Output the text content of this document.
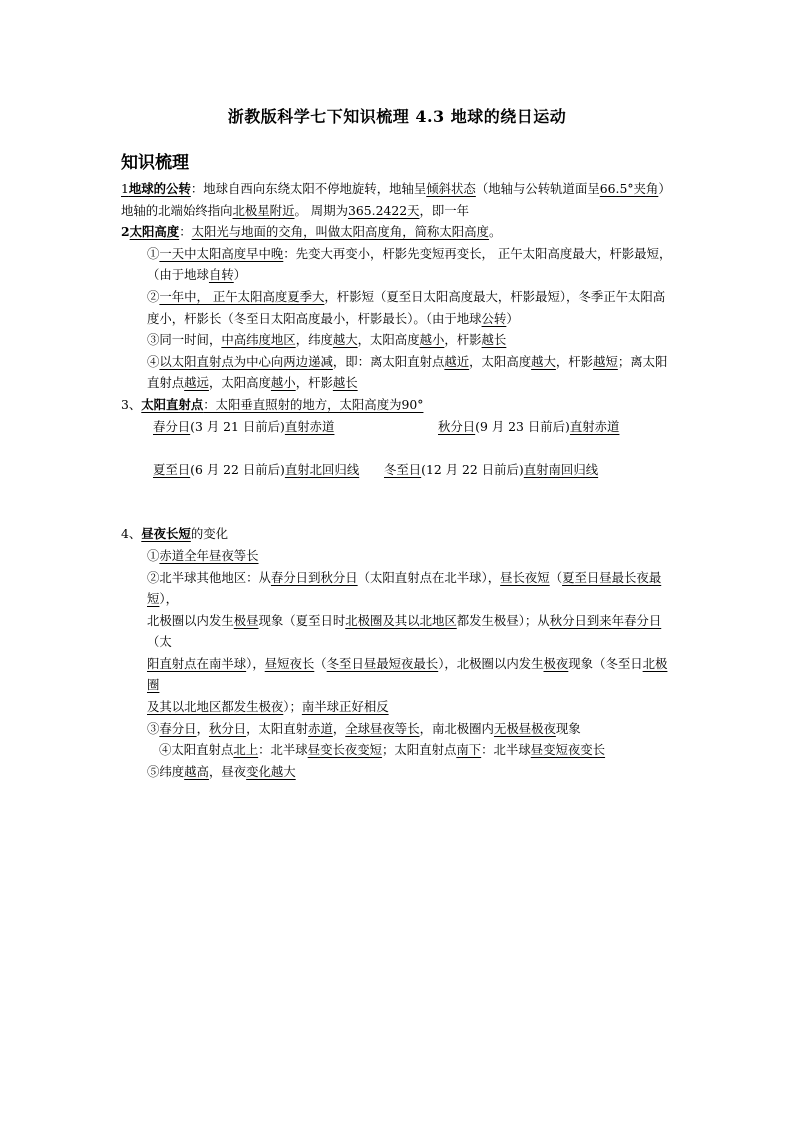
浙教版科学七下知识梳理 4.3 地球的绕日运动
知识梳理

1地球的公转：地球自西向东绕太阳不停地旋转，地轴呈倾斜状态（地轴与公转轨道面呈66.5°夹角）地轴的北端始终指向北极星附近。 周期为365.2422天，即一年

2太阳高度：太阳光与地面的交角，叫做太阳高度角，简称太阳高度。

①一天中太阳高度早中晚：先变大再变小，杆影先变短再变长， 正午太阳高度最大，杆影最短，（由于地球自转）

②一年中， 正午太阳高度夏季大，杆影短（夏至日太阳高度最大，杆影最短），冬季正午太阳高度小，杆影长（冬至日太阳高度最小，杆影最长）。（由于地球公转）

③同一时间，中高纬度地区，纬度越大，太阳高度越小，杆影越长

④以太阳直射点为中心向两边递减，即：离太阳直射点越近，太阳高度越大，杆影越短；离太阳直射点越远，太阳高度越小，杆影越长

3、太阳直射点：太阳垂直照射的地方，太阳高度为90°

春分日(3 月 21 日前后)直射赤道	秋分日(9 月 23 日前后)直射赤道

夏至日(6 月 22 日前后)直射北回归线   冬至日(12 月 22 日前后)直射南回归线

4、昼夜长短的变化

①赤道全年昼夜等长

②北半球其他地区：从春分日到秋分日（太阳直射点在北半球），昼长夜短（夏至日昼最长夜最短），

北极圈以内发生极昼现象（夏至日时北极圈及其以北地区都发生极昼）；从秋分日到来年春分日（太

阳直射点在南半球），昼短夜长（冬至日昼最短夜最长），北极圈以内发生极夜现象（冬至日北极圈

及其以北地区都发生极夜）；南半球正好相反

③春分日，秋分日，太阳直射赤道，全球昼夜等长，南北极圈内无极昼极夜现象

④太阳直射点北上：北半球昼变长夜变短；太阳直射点南下：北半球昼变短夜变长

⑤纬度越高，昼夜变化越大
